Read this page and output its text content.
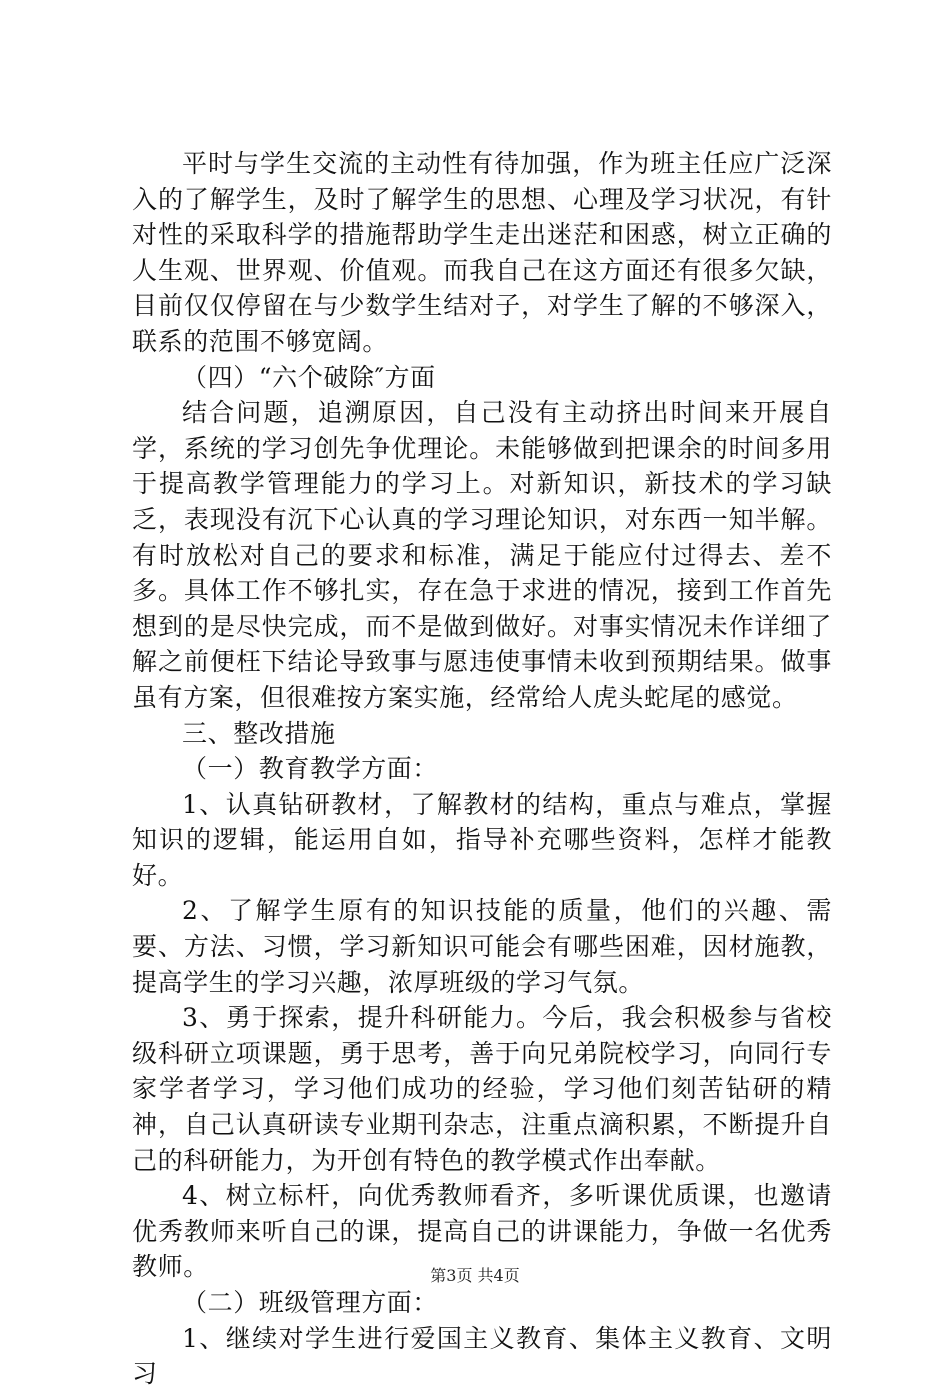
平时与学生交流的主动性有待加强，作为班主任应广泛深入的了解学生，及时了解学生的思想、心理及学习状况，有针对性的采取科学的措施帮助学生走出迷茫和困惑，树立正确的人生观、世界观、价值观。而我自己在这方面还有很多欠缺，目前仅仅停留在与少数学生结对子，对学生了解的不够深入，联系的范围不够宽阔。

（四）“六个破除″方面

结合问题，追溯原因，自己没有主动挤出时间来开展自学，系统的学习创先争优理论。未能够做到把课余的时间多用于提高教学管理能力的学习上。对新知识，新技术的学习缺乏，表现没有沉下心认真的学习理论知识，对东西一知半解。有时放松对自己的要求和标准，满足于能应付过得去、差不多。具体工作不够扎实，存在急于求进的情况，接到工作首先想到的是尽快完成，而不是做到做好。对事实情况未作详细了解之前便枉下结论导致事与愿违使事情未收到预期结果。做事虽有方案，但很难按方案实施，经常给人虎头蛇尾的感觉。

三、整改措施

（一）教育教学方面：

1、认真钻研教材，了解教材的结构，重点与难点，掌握知识的逻辑，能运用自如，指导补充哪些资料，怎样才能教好。

2、了解学生原有的知识技能的质量，他们的兴趣、需要、方法、习惯，学习新知识可能会有哪些困难，因材施教，提高学生的学习兴趣，浓厚班级的学习气氛。

3、勇于探索，提升科研能力。今后，我会积极参与省校级科研立项课题，勇于思考，善于向兄弟院校学习，向同行专家学者学习，学习他们成功的经验，学习他们刻苦钻研的精神，自己认真研读专业期刊杂志，注重点滴积累，不断提升自己的科研能力，为开创有特色的教学模式作出奉献。

4、树立标杆，向优秀教师看齐，多听课优质课，也邀请优秀教师来听自己的课，提高自己的讲课能力，争做一名优秀教师。

（二）班级管理方面：

1、继续对学生进行爱国主义教育、集体主义教育、文明习

第3页 共4页
